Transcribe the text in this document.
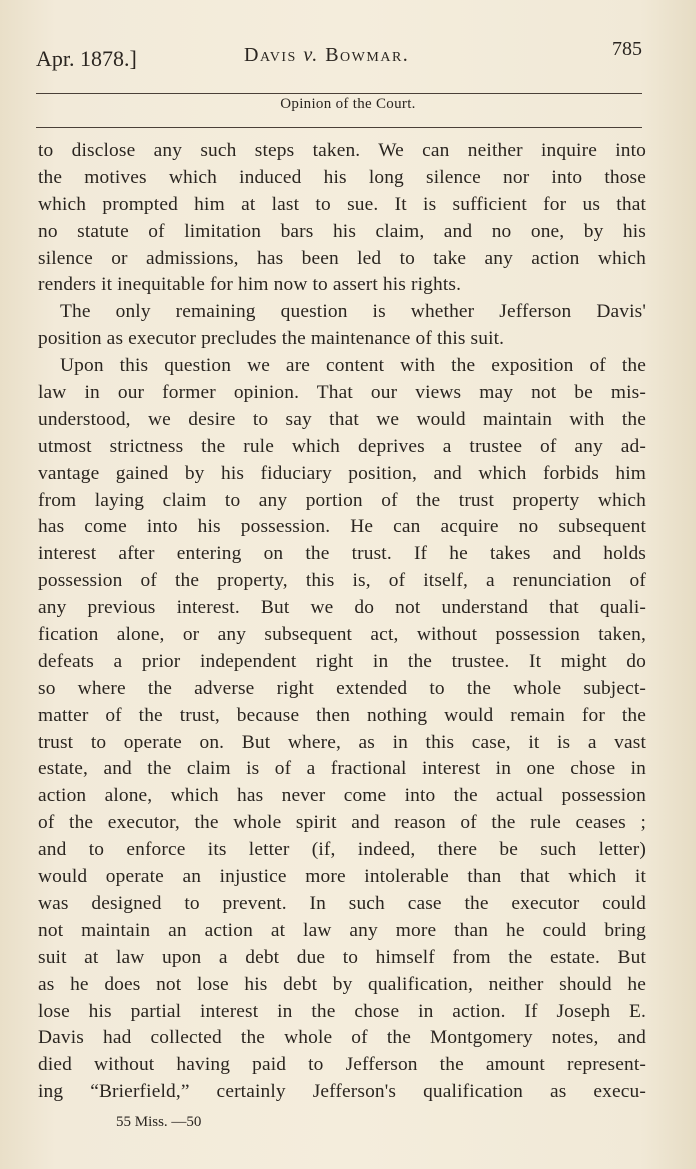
Apr. 1878.]	Davis v. Bowmar.	785
Opinion of the Court.
to disclose any such steps taken. We can neither inquire into
the motives which induced his long silence nor into those
which prompted him at last to sue. It is sufficient for us that
no statute of limitation bars his claim, and no one, by his
silence or admissions, has been led to take any action which
renders it inequitable for him now to assert his rights.
The only remaining question is whether Jefferson Davis'
position as executor precludes the maintenance of this suit.
Upon this question we are content with the exposition of the
law in our former opinion. That our views may not be mis-
understood, we desire to say that we would maintain with the
utmost strictness the rule which deprives a trustee of any ad-
vantage gained by his fiduciary position, and which forbids him
from laying claim to any portion of the trust property which
has come into his possession. He can acquire no subsequent
interest after entering on the trust. If he takes and holds
possession of the property, this is, of itself, a renunciation of
any previous interest. But we do not understand that quali-
fication alone, or any subsequent act, without possession taken,
defeats a prior independent right in the trustee. It might do
so where the adverse right extended to the whole subject-
matter of the trust, because then nothing would remain for the
trust to operate on. But where, as in this case, it is a vast
estate, and the claim is of a fractional interest in one chose in
action alone, which has never come into the actual possession
of the executor, the whole spirit and reason of the rule ceases ;
and to enforce its letter (if, indeed, there be such letter)
would operate an injustice more intolerable than that which it
was designed to prevent. In such case the executor could
not maintain an action at law any more than he could bring
suit at law upon a debt due to himself from the estate. But
as he does not lose his debt by qualification, neither should he
lose his partial interest in the chose in action. If Joseph E.
Davis had collected the whole of the Montgomery notes, and
died without having paid to Jefferson the amount represent-
ing “Brierfield,” certainly Jefferson's qualification as execu-
55 Miss. —50
